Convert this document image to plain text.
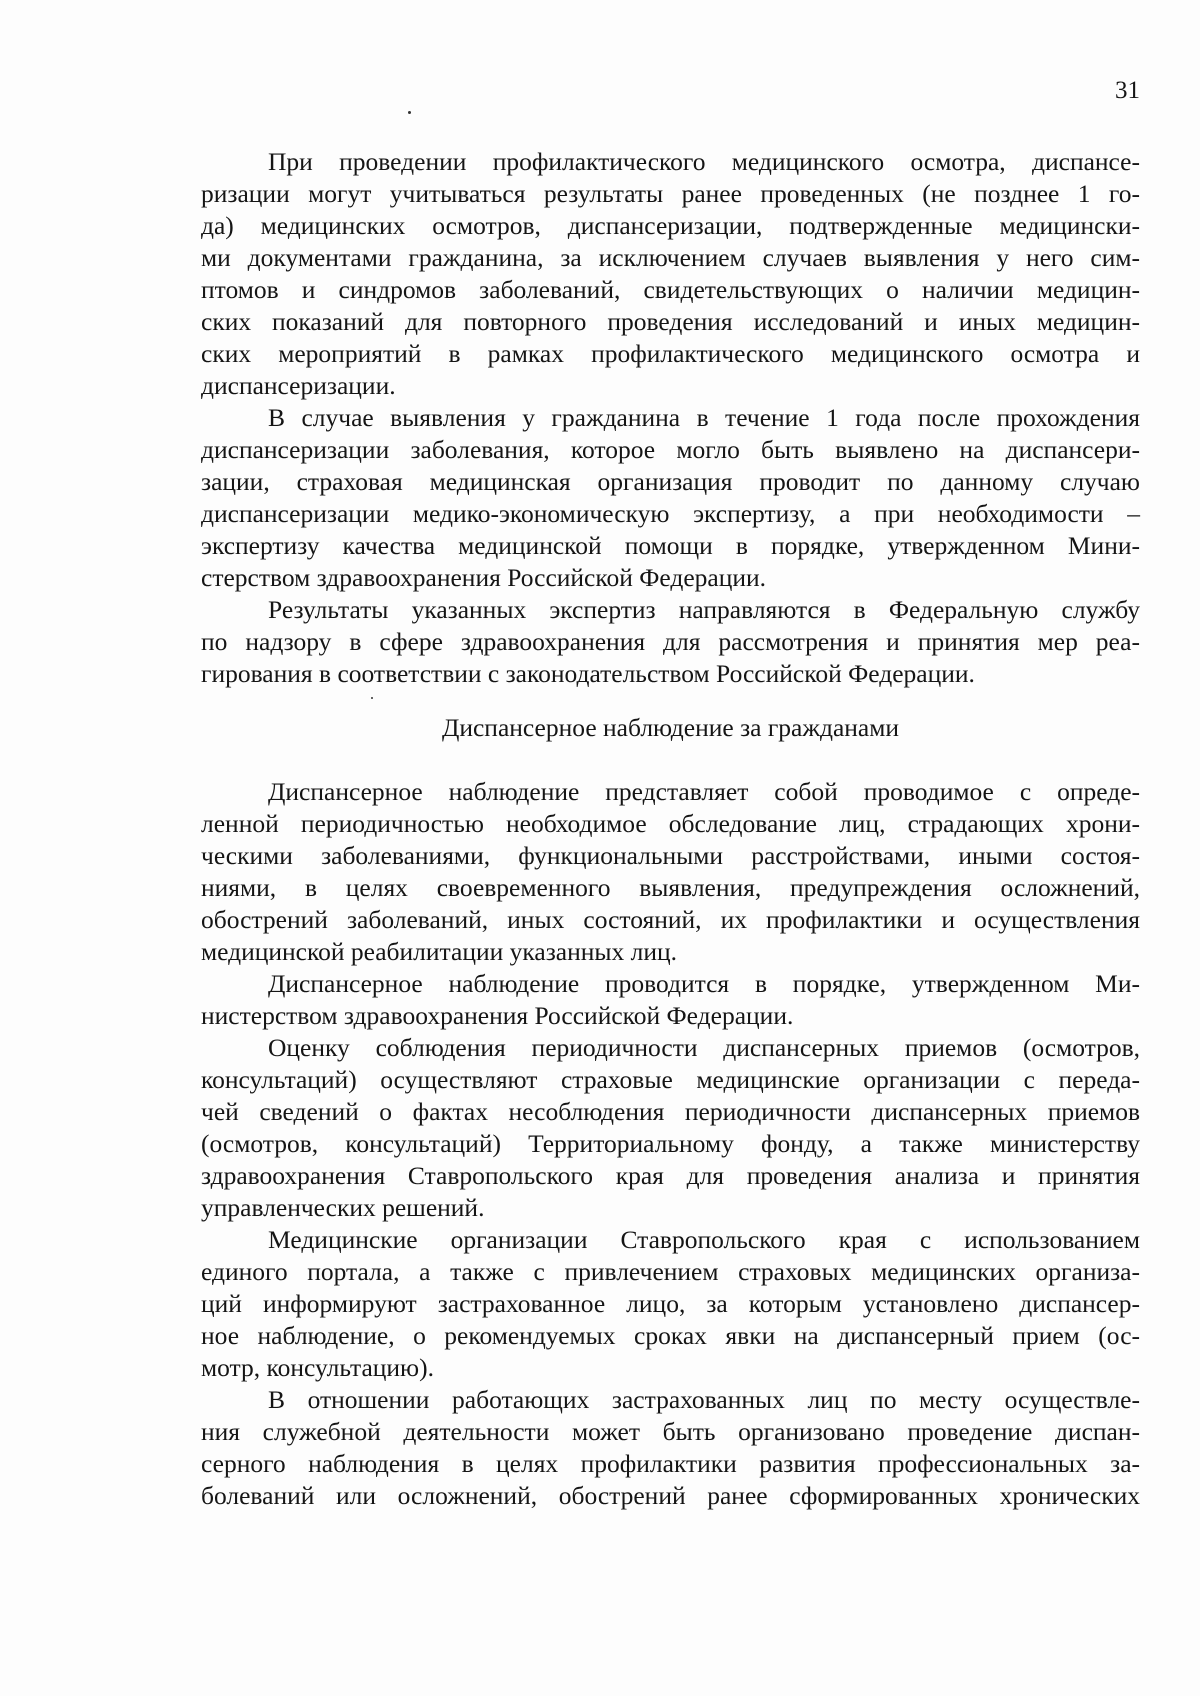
31
При проведении профилактического медицинского осмотра, диспансе-
ризации могут учитываться результаты ранее проведенных (не позднее 1 го-
да) медицинских осмотров, диспансеризации, подтвержденные медицински-
ми документами гражданина, за исключением случаев выявления у него сим-
птомов и синдромов заболеваний, свидетельствующих о наличии медицин-
ских показаний для повторного проведения исследований и иных медицин-
ских мероприятий в рамках профилактического медицинского осмотра и
диспансеризации.
В случае выявления у гражданина в течение 1 года после прохождения
диспансеризации заболевания, которое могло быть выявлено на диспансери-
зации, страховая медицинская организация проводит по данному случаю
диспансеризации медико-экономическую экспертизу, а при необходимости –
экспертизу качества медицинской помощи в порядке, утвержденном Мини-
стерством здравоохранения Российской Федерации.
Результаты указанных экспертиз направляются в Федеральную службу
по надзору в сфере здравоохранения для рассмотрения и принятия мер реа-
гирования в соответствии с законодательством Российской Федерации.
Диспансерное наблюдение за гражданами
Диспансерное наблюдение представляет собой проводимое с опреде-
ленной периодичностью необходимое обследование лиц, страдающих хрони-
ческими заболеваниями, функциональными расстройствами, иными состоя-
ниями, в целях своевременного выявления, предупреждения осложнений,
обострений заболеваний, иных состояний, их профилактики и осуществления
медицинской реабилитации указанных лиц.
Диспансерное наблюдение проводится в порядке, утвержденном Ми-
нистерством здравоохранения Российской Федерации.
Оценку соблюдения периодичности диспансерных приемов (осмотров,
консультаций) осуществляют страховые медицинские организации с переда-
чей сведений о фактах несоблюдения периодичности диспансерных приемов
(осмотров, консультаций) Территориальному фонду, а также министерству
здравоохранения Ставропольского края для проведения анализа и принятия
управленческих решений.
Медицинские организации Ставропольского края с использованием
единого портала, а также с привлечением страховых медицинских организа-
ций информируют застрахованное лицо, за которым установлено диспансер-
ное наблюдение, о рекомендуемых сроках явки на диспансерный прием (ос-
мотр, консультацию).
В отношении работающих застрахованных лиц по месту осуществле-
ния служебной деятельности может быть организовано проведение диспан-
серного наблюдения в целях профилактики развития профессиональных за-
болеваний или осложнений, обострений ранее сформированных хронических
